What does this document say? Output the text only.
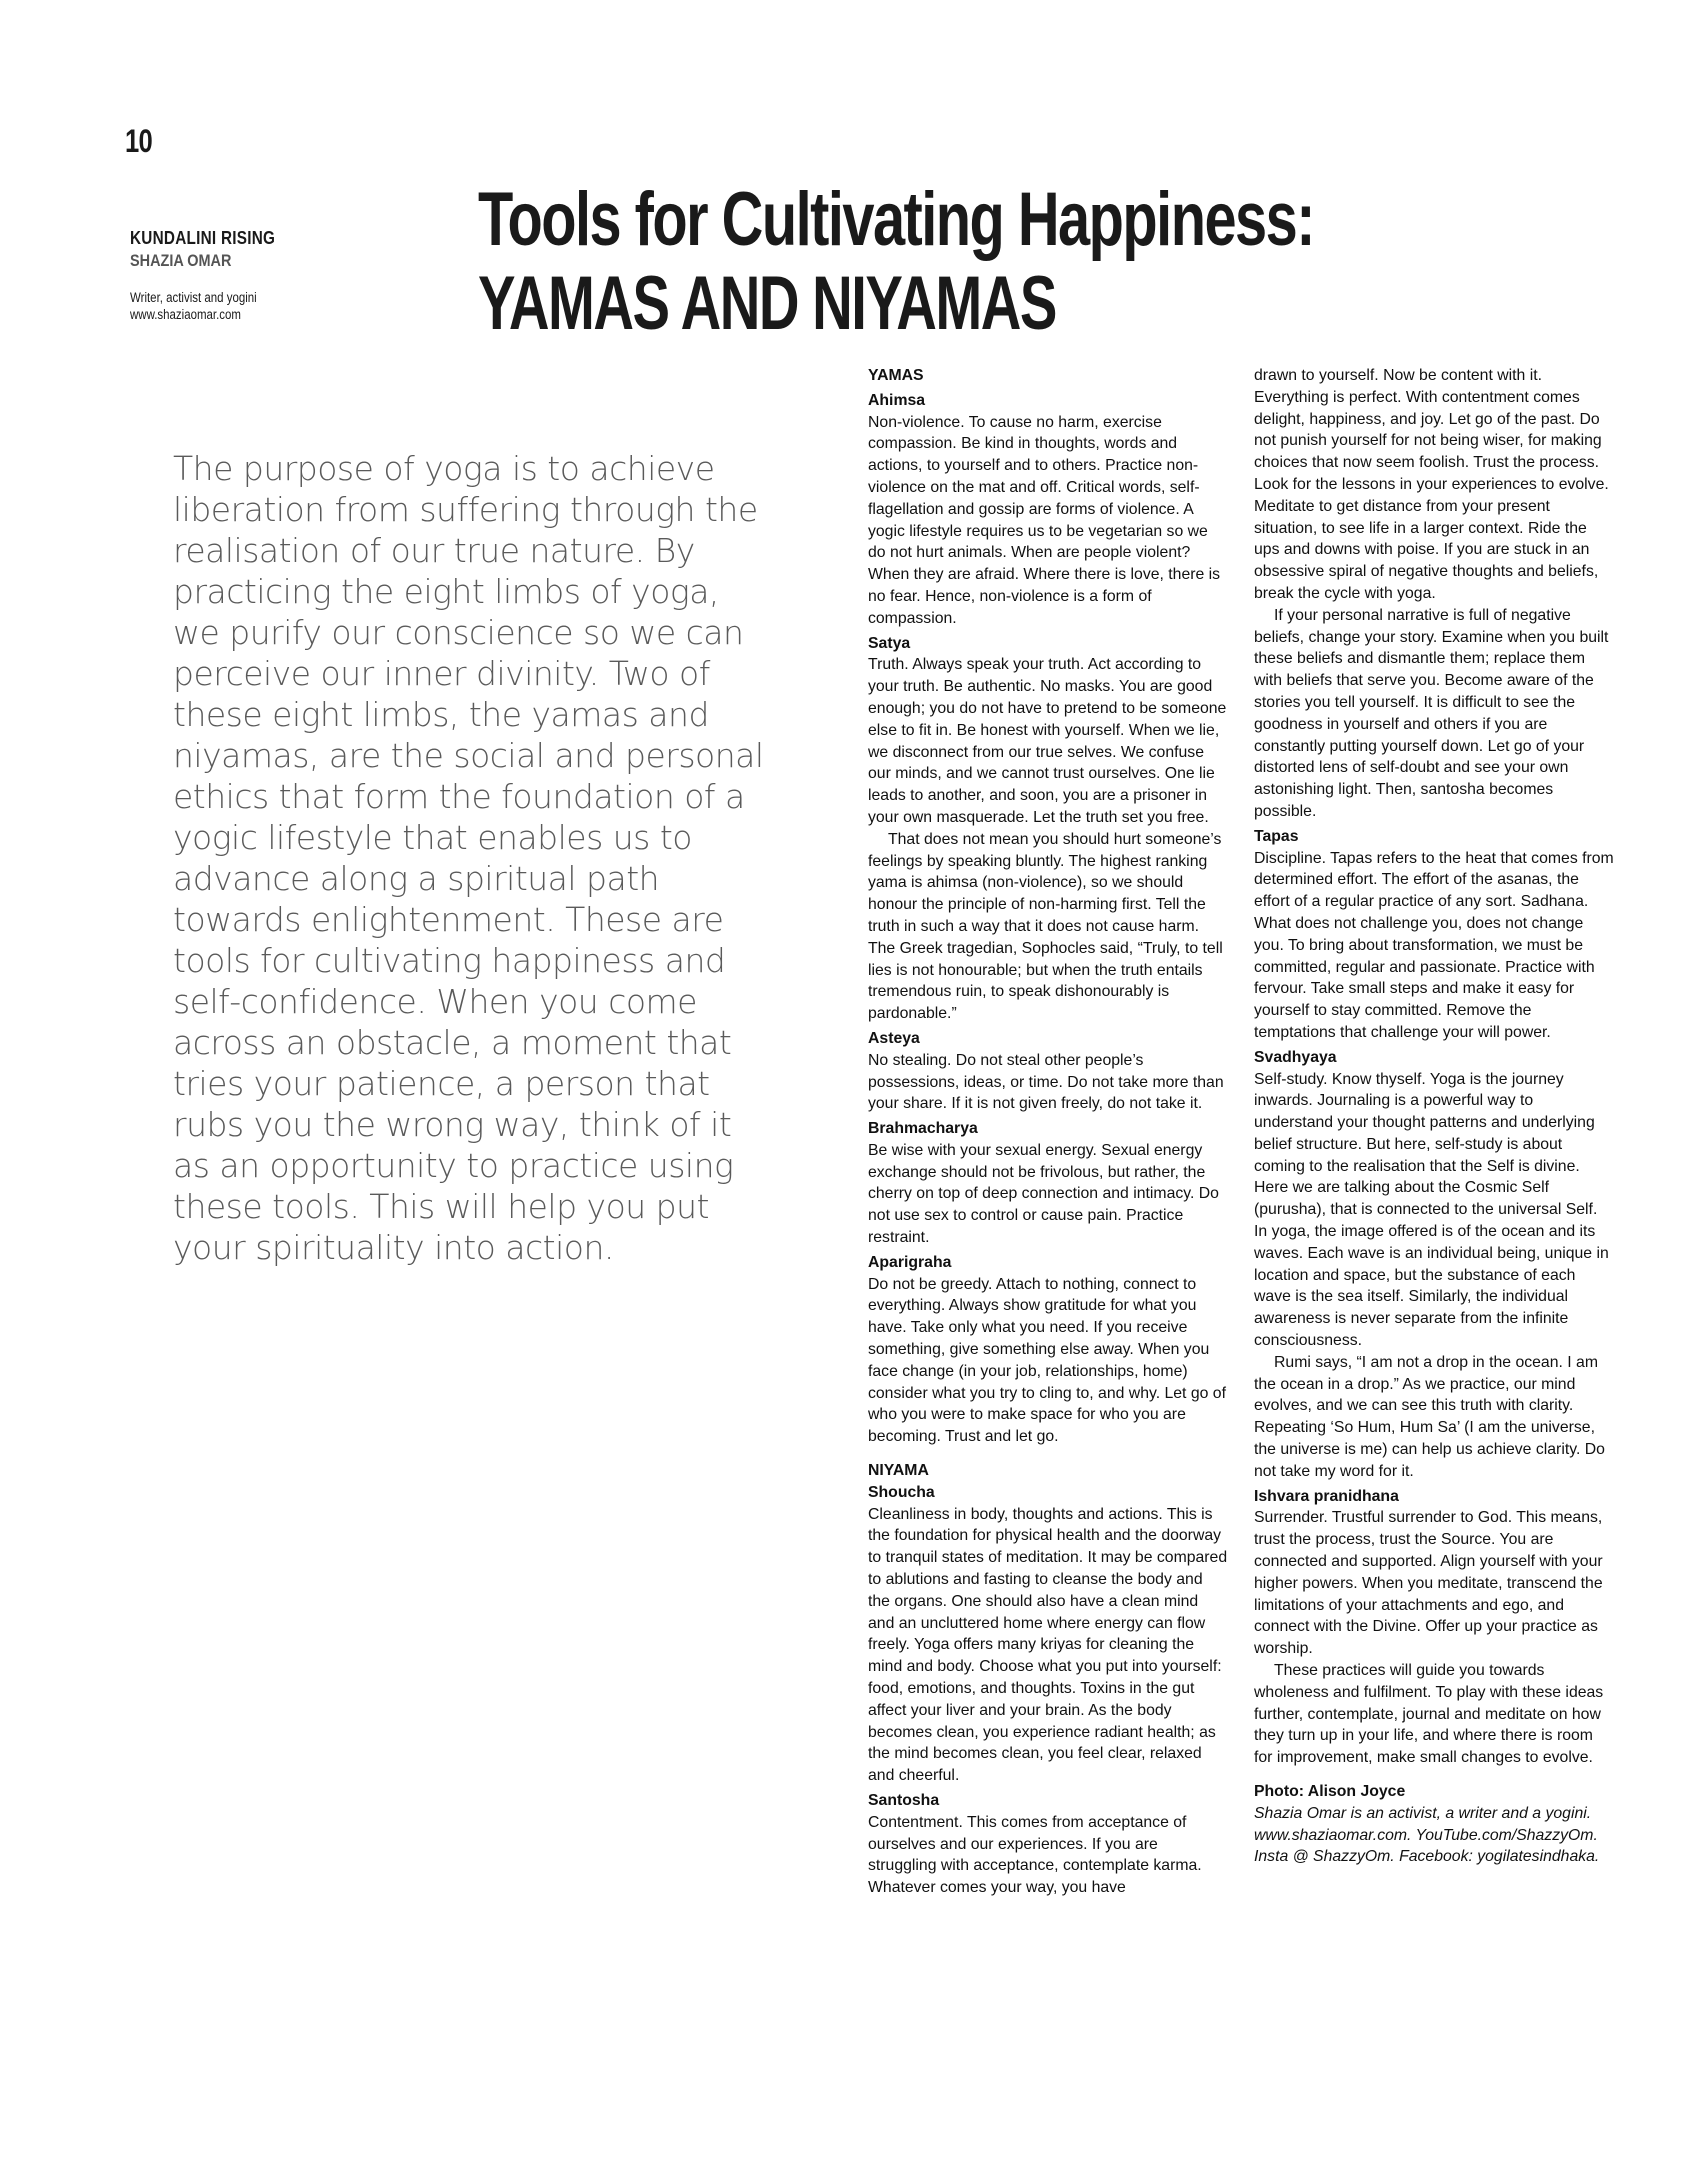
10
KUNDALINI RISING
SHAZIA OMAR
Writer, activist and yogini
www.shaziaomar.com
Tools for Cultivating Happiness:
YAMAS AND NIYAMAS
The purpose of yoga is to achieve liberation from suffering through the realisation of our true nature. By practicing the eight limbs of yoga, we purify our conscience so we can perceive our inner divinity. Two of these eight limbs, the yamas and niyamas, are the social and personal ethics that form the foundation of a yogic lifestyle that enables us to advance along a spiritual path towards enlightenment. These are tools for cultivating happiness and self-confidence. When you come across an obstacle, a moment that tries your patience, a person that rubs you the wrong way, think of it as an opportunity to practice using these tools. This will help you put your spirituality into action.
YAMAS
Ahimsa

Non-violence. To cause no harm, exercise compassion. Be kind in thoughts, words and actions, to yourself and to others. Practice non-violence on the mat and off. Critical words, self-flagellation and gossip are forms of violence. A yogic lifestyle requires us to be vegetarian so we do not hurt animals. When are people violent? When they are afraid. Where there is love, there is no fear. Hence, non-violence is a form of compassion.

Satya

Truth. Always speak your truth. Act according to your truth. Be authentic. No masks. You are good enough; you do not have to pretend to be someone else to fit in. Be honest with yourself. When we lie, we disconnect from our true selves. We confuse our minds, and we cannot trust ourselves. One lie leads to another, and soon, you are a prisoner in your own masquerade. Let the truth set you free.

That does not mean you should hurt someone’s feelings by speaking bluntly. The highest ranking yama is ahimsa (non-violence), so we should honour the principle of non-harming first. Tell the truth in such a way that it does not cause harm. The Greek tragedian, Sophocles said, “Truly, to tell lies is not honourable; but when the truth entails tremendous ruin, to speak dishonourably is pardonable.”

Asteya

No stealing. Do not steal other people’s possessions, ideas, or time. Do not take more than your share. If it is not given freely, do not take it.

Brahmacharya

Be wise with your sexual energy. Sexual energy exchange should not be frivolous, but rather, the cherry on top of deep connection and intimacy. Do not use sex to control or cause pain. Practice restraint.

Aparigraha

Do not be greedy. Attach to nothing, connect to everything. Always show gratitude for what you have. Take only what you need. If you receive something, give something else away. When you face change (in your job, relationships, home) consider what you try to cling to, and why. Let go of who you were to make space for who you are becoming. Trust and let go.

NIYAMA
Shoucha

Cleanliness in body, thoughts and actions. This is the foundation for physical health and the doorway to tranquil states of meditation. It may be compared to ablutions and fasting to cleanse the body and the organs. One should also have a clean mind and an uncluttered home where energy can flow freely. Yoga offers many kriyas for cleaning the mind and body. Choose what you put into yourself: food, emotions, and thoughts. Toxins in the gut affect your liver and your brain. As the body becomes clean, you experience radiant health; as the mind becomes clean, you feel clear, relaxed and cheerful.

Santosha

Contentment. This comes from acceptance of ourselves and our experiences. If you are struggling with acceptance, contemplate karma. Whatever comes your way, you have

drawn to yourself. Now be content with it. Everything is perfect. With contentment comes delight, happiness, and joy. Let go of the past. Do not punish yourself for not being wiser, for making choices that now seem foolish. Trust the process. Look for the lessons in your experiences to evolve. Meditate to get distance from your present situation, to see life in a larger context. Ride the ups and downs with poise. If you are stuck in an obsessive spiral of negative thoughts and beliefs, break the cycle with yoga.

If your personal narrative is full of negative beliefs, change your story. Examine when you built these beliefs and dismantle them; replace them with beliefs that serve you. Become aware of the stories you tell yourself. It is difficult to see the goodness in yourself and others if you are constantly putting yourself down. Let go of your distorted lens of self-doubt and see your own astonishing light. Then, santosha becomes possible.

Tapas

Discipline. Tapas refers to the heat that comes from determined effort. The effort of the asanas, the effort of a regular practice of any sort. Sadhana. What does not challenge you, does not change you. To bring about transformation, we must be committed, regular and passionate. Practice with fervour. Take small steps and make it easy for yourself to stay committed. Remove the temptations that challenge your will power.

Svadhyaya

Self-study. Know thyself. Yoga is the journey inwards. Journaling is a powerful way to understand your thought patterns and underlying belief structure. But here, self-study is about coming to the realisation that the Self is divine. Here we are talking about the Cosmic Self (purusha), that is connected to the universal Self. In yoga, the image offered is of the ocean and its waves. Each wave is an individual being, unique in location and space, but the substance of each wave is the sea itself. Similarly, the individual awareness is never separate from the infinite consciousness.

Rumi says, “I am not a drop in the ocean. I am the ocean in a drop.” As we practice, our mind evolves, and we can see this truth with clarity. Repeating ‘So Hum, Hum Sa’ (I am the universe, the universe is me) can help us achieve clarity. Do not take my word for it.

Ishvara pranidhana

Surrender. Trustful surrender to God. This means, trust the process, trust the Source. You are connected and supported. Align yourself with your higher powers. When you meditate, transcend the limitations of your attachments and ego, and connect with the Divine. Offer up your practice as worship.

These practices will guide you towards wholeness and fulfilment. To play with these ideas further, contemplate, journal and meditate on how they turn up in your life, and where there is room for improvement, make small changes to evolve.

Photo: Alison Joyce

Shazia Omar is an activist, a writer and a yogini. www.shaziaomar.com. YouTube.com/ShazzyOm. Insta @ ShazzyOm. Facebook: yogilatesindhaka.
